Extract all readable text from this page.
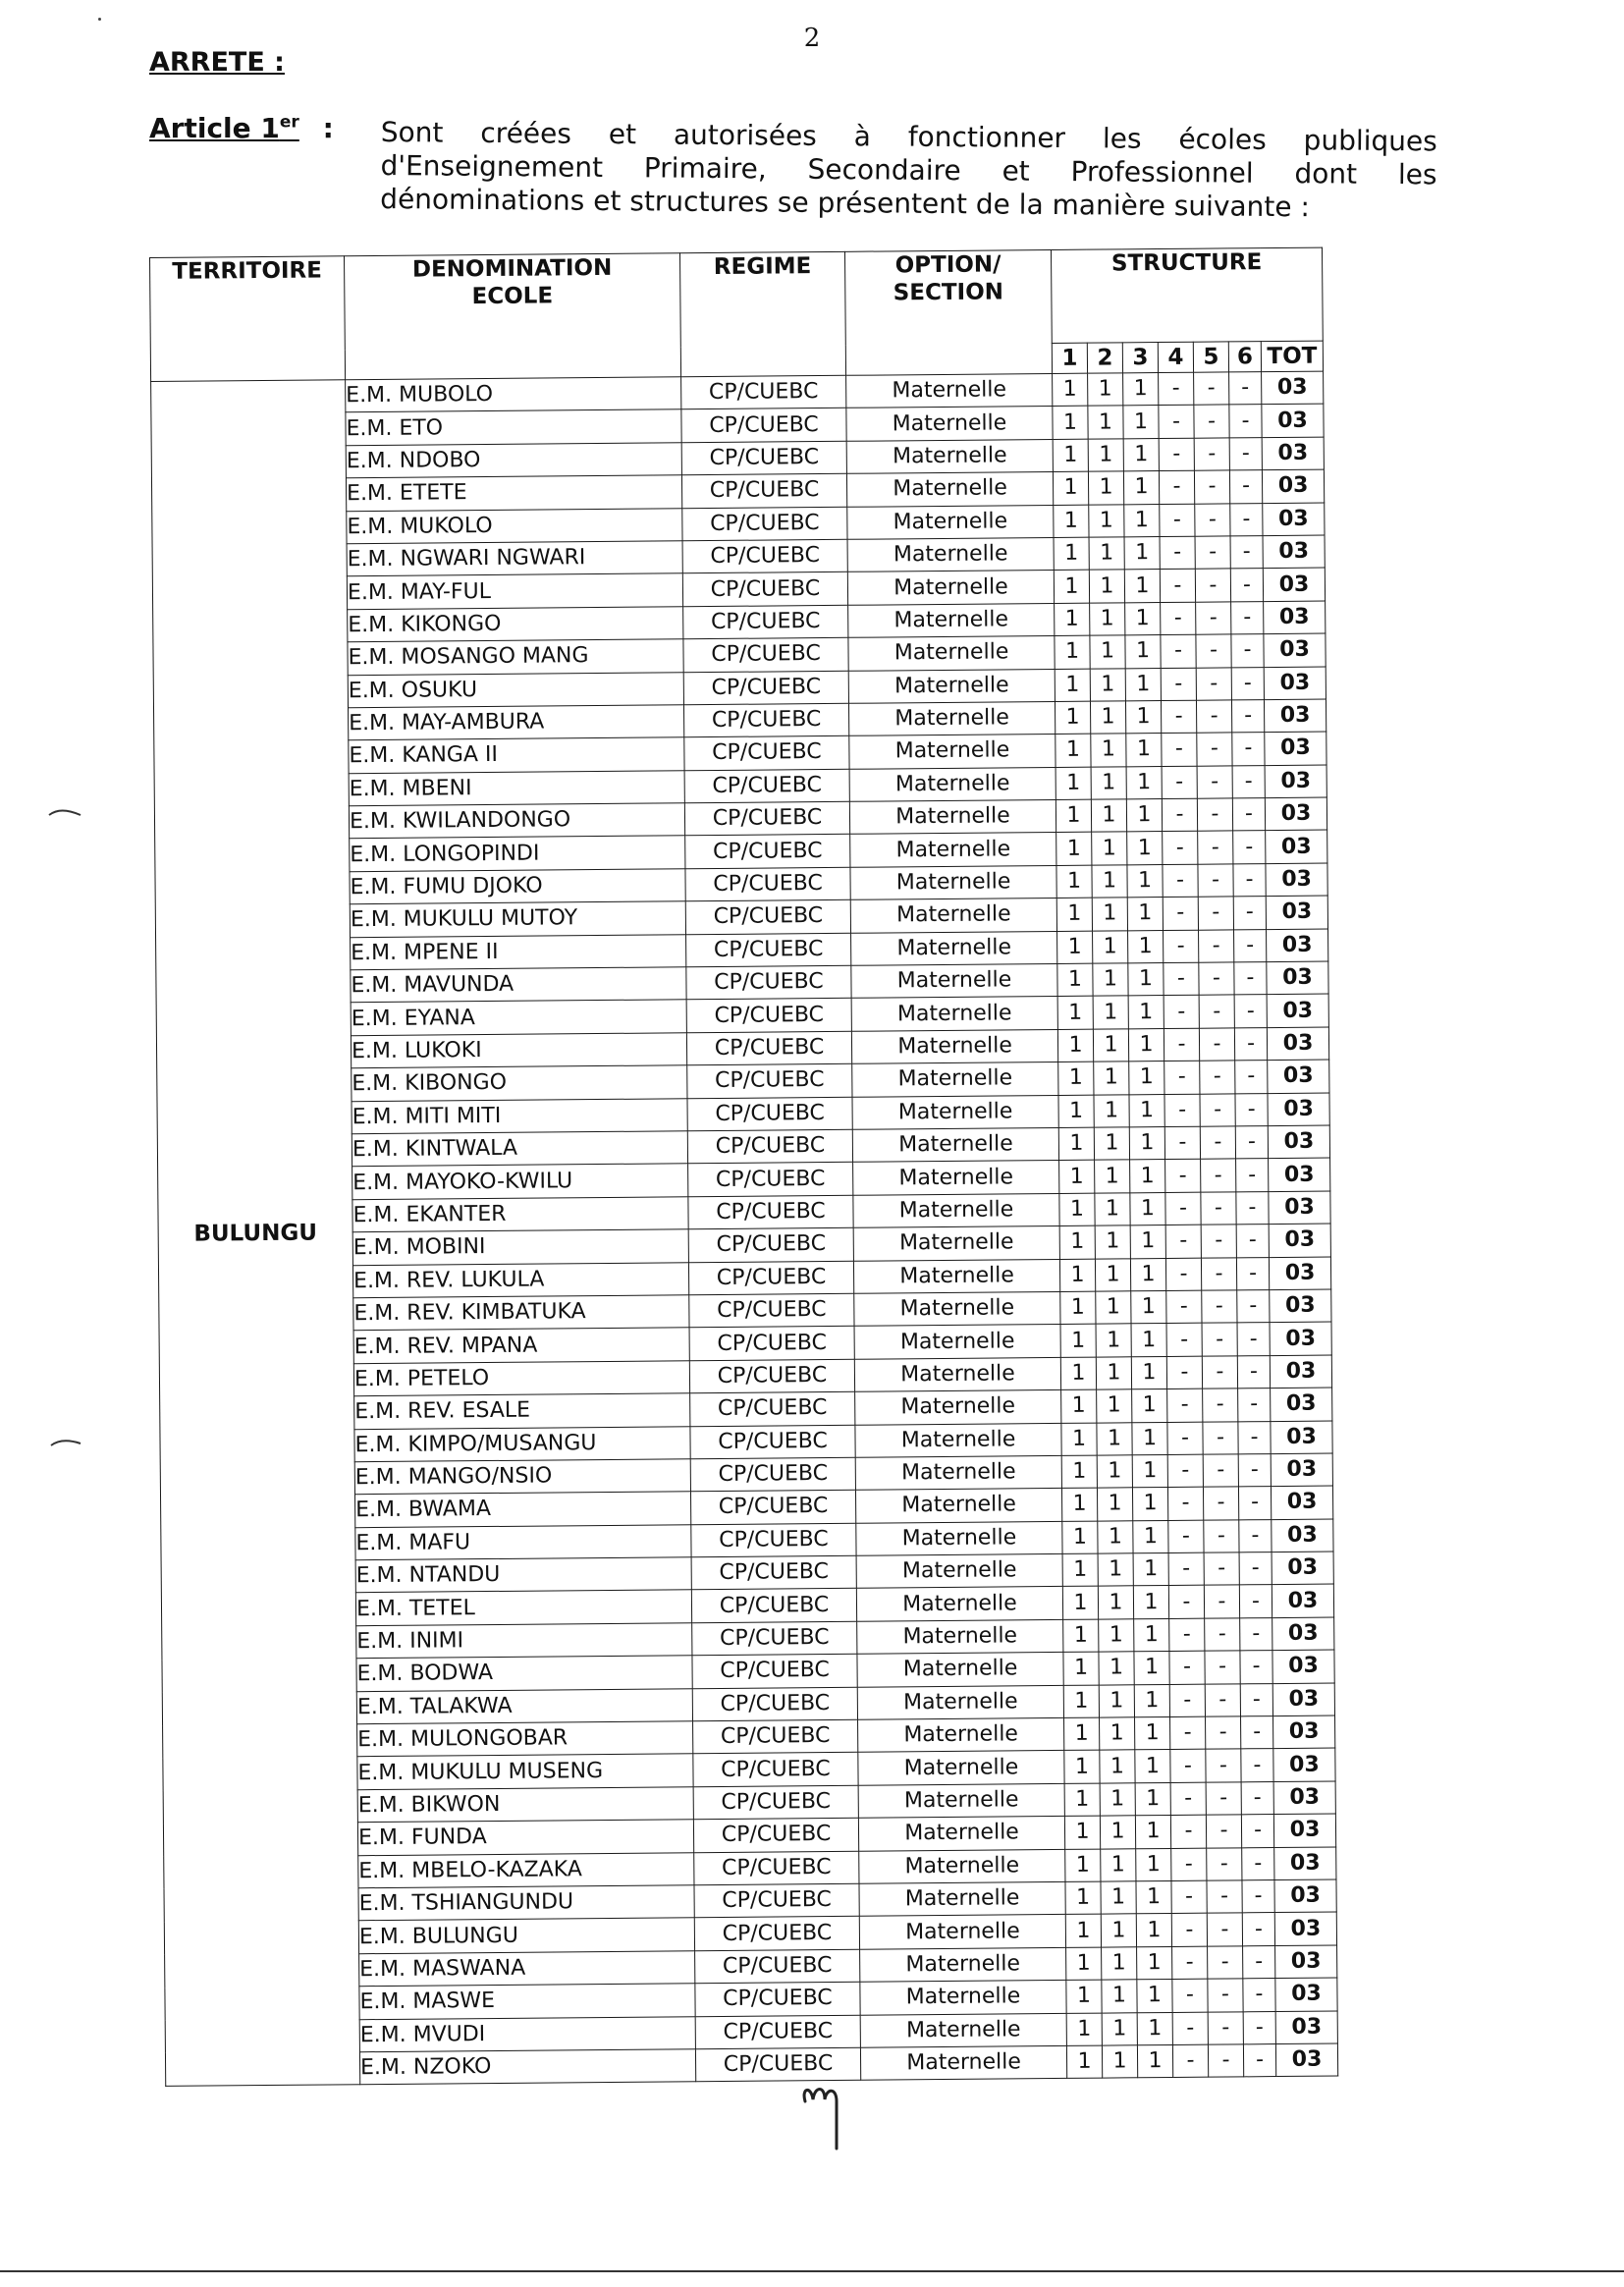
2
ARRETE :
Article 1er : Sont créées et autorisées à fonctionner les écoles publiques d'Enseignement Primaire, Secondaire et Professionnel dont les dénominations et structures se présentent de la manière suivante :
TERRITOIRE	DENOMINATION ECOLE	REGIME	OPTION/ SECTION	STRUCTURE						
				1	2	3	4	5	6	TOT
BULUNGU	E.M. MUBOLO	CP/CUEBC	Maternelle	1	1	1	-	-	-	03
	E.M. ETO	CP/CUEBC	Maternelle	1	1	1	-	-	-	03
	E.M. NDOBO	CP/CUEBC	Maternelle	1	1	1	-	-	-	03
	E.M. ETETE	CP/CUEBC	Maternelle	1	1	1	-	-	-	03
	E.M. MUKOLO	CP/CUEBC	Maternelle	1	1	1	-	-	-	03
	E.M. NGWARI NGWARI	CP/CUEBC	Maternelle	1	1	1	-	-	-	03
	E.M. MAY-FUL	CP/CUEBC	Maternelle	1	1	1	-	-	-	03
	E.M. KIKONGO	CP/CUEBC	Maternelle	1	1	1	-	-	-	03
	E.M. MOSANGO MANG	CP/CUEBC	Maternelle	1	1	1	-	-	-	03
	E.M. OSUKU	CP/CUEBC	Maternelle	1	1	1	-	-	-	03
	E.M. MAY-AMBURA	CP/CUEBC	Maternelle	1	1	1	-	-	-	03
	E.M. KANGA II	CP/CUEBC	Maternelle	1	1	1	-	-	-	03
	E.M. MBENI	CP/CUEBC	Maternelle	1	1	1	-	-	-	03
	E.M. KWILANDONGO	CP/CUEBC	Maternelle	1	1	1	-	-	-	03
	E.M. LONGOPINDI	CP/CUEBC	Maternelle	1	1	1	-	-	-	03
	E.M. FUMU DJOKO	CP/CUEBC	Maternelle	1	1	1	-	-	-	03
	E.M. MUKULU MUTOY	CP/CUEBC	Maternelle	1	1	1	-	-	-	03
	E.M. MPENE II	CP/CUEBC	Maternelle	1	1	1	-	-	-	03
	E.M. MAVUNDA	CP/CUEBC	Maternelle	1	1	1	-	-	-	03
	E.M. EYANA	CP/CUEBC	Maternelle	1	1	1	-	-	-	03
	E.M. LUKOKI	CP/CUEBC	Maternelle	1	1	1	-	-	-	03
	E.M. KIBONGO	CP/CUEBC	Maternelle	1	1	1	-	-	-	03
	E.M. MITI MITI	CP/CUEBC	Maternelle	1	1	1	-	-	-	03
	E.M. KINTWALA	CP/CUEBC	Maternelle	1	1	1	-	-	-	03
	E.M. MAYOKO-KWILU	CP/CUEBC	Maternelle	1	1	1	-	-	-	03
	E.M. EKANTER	CP/CUEBC	Maternelle	1	1	1	-	-	-	03
	E.M. MOBINI	CP/CUEBC	Maternelle	1	1	1	-	-	-	03
	E.M. REV. LUKULA	CP/CUEBC	Maternelle	1	1	1	-	-	-	03
	E.M. REV. KIMBATUKA	CP/CUEBC	Maternelle	1	1	1	-	-	-	03
	E.M. REV. MPANA	CP/CUEBC	Maternelle	1	1	1	-	-	-	03
	E.M. PETELO	CP/CUEBC	Maternelle	1	1	1	-	-	-	03
	E.M. REV. ESALE	CP/CUEBC	Maternelle	1	1	1	-	-	-	03
	E.M. KIMPO/MUSANGU	CP/CUEBC	Maternelle	1	1	1	-	-	-	03
	E.M. MANGO/NSIO	CP/CUEBC	Maternelle	1	1	1	-	-	-	03
	E.M. BWAMA	CP/CUEBC	Maternelle	1	1	1	-	-	-	03
	E.M. MAFU	CP/CUEBC	Maternelle	1	1	1	-	-	-	03
	E.M. NTANDU	CP/CUEBC	Maternelle	1	1	1	-	-	-	03
	E.M. TETEL	CP/CUEBC	Maternelle	1	1	1	-	-	-	03
	E.M. INIMI	CP/CUEBC	Maternelle	1	1	1	-	-	-	03
	E.M. BODWA	CP/CUEBC	Maternelle	1	1	1	-	-	-	03
	E.M. TALAKWA	CP/CUEBC	Maternelle	1	1	1	-	-	-	03
	E.M. MULONGOBAR	CP/CUEBC	Maternelle	1	1	1	-	-	-	03
	E.M. MUKULU MUSENG	CP/CUEBC	Maternelle	1	1	1	-	-	-	03
	E.M. BIKWON	CP/CUEBC	Maternelle	1	1	1	-	-	-	03
	E.M. FUNDA	CP/CUEBC	Maternelle	1	1	1	-	-	-	03
	E.M. MBELO-KAZAKA	CP/CUEBC	Maternelle	1	1	1	-	-	-	03
	E.M. TSHIANGUNDU	CP/CUEBC	Maternelle	1	1	1	-	-	-	03
	E.M. BULUNGU	CP/CUEBC	Maternelle	1	1	1	-	-	-	03
	E.M. MASWANA	CP/CUEBC	Maternelle	1	1	1	-	-	-	03
	E.M. MASWE	CP/CUEBC	Maternelle	1	1	1	-	-	-	03
	E.M. MVUDI	CP/CUEBC	Maternelle	1	1	1	-	-	-	03
	E.M. NZOKO	CP/CUEBC	Maternelle	1	1	1	-	-	-	03
